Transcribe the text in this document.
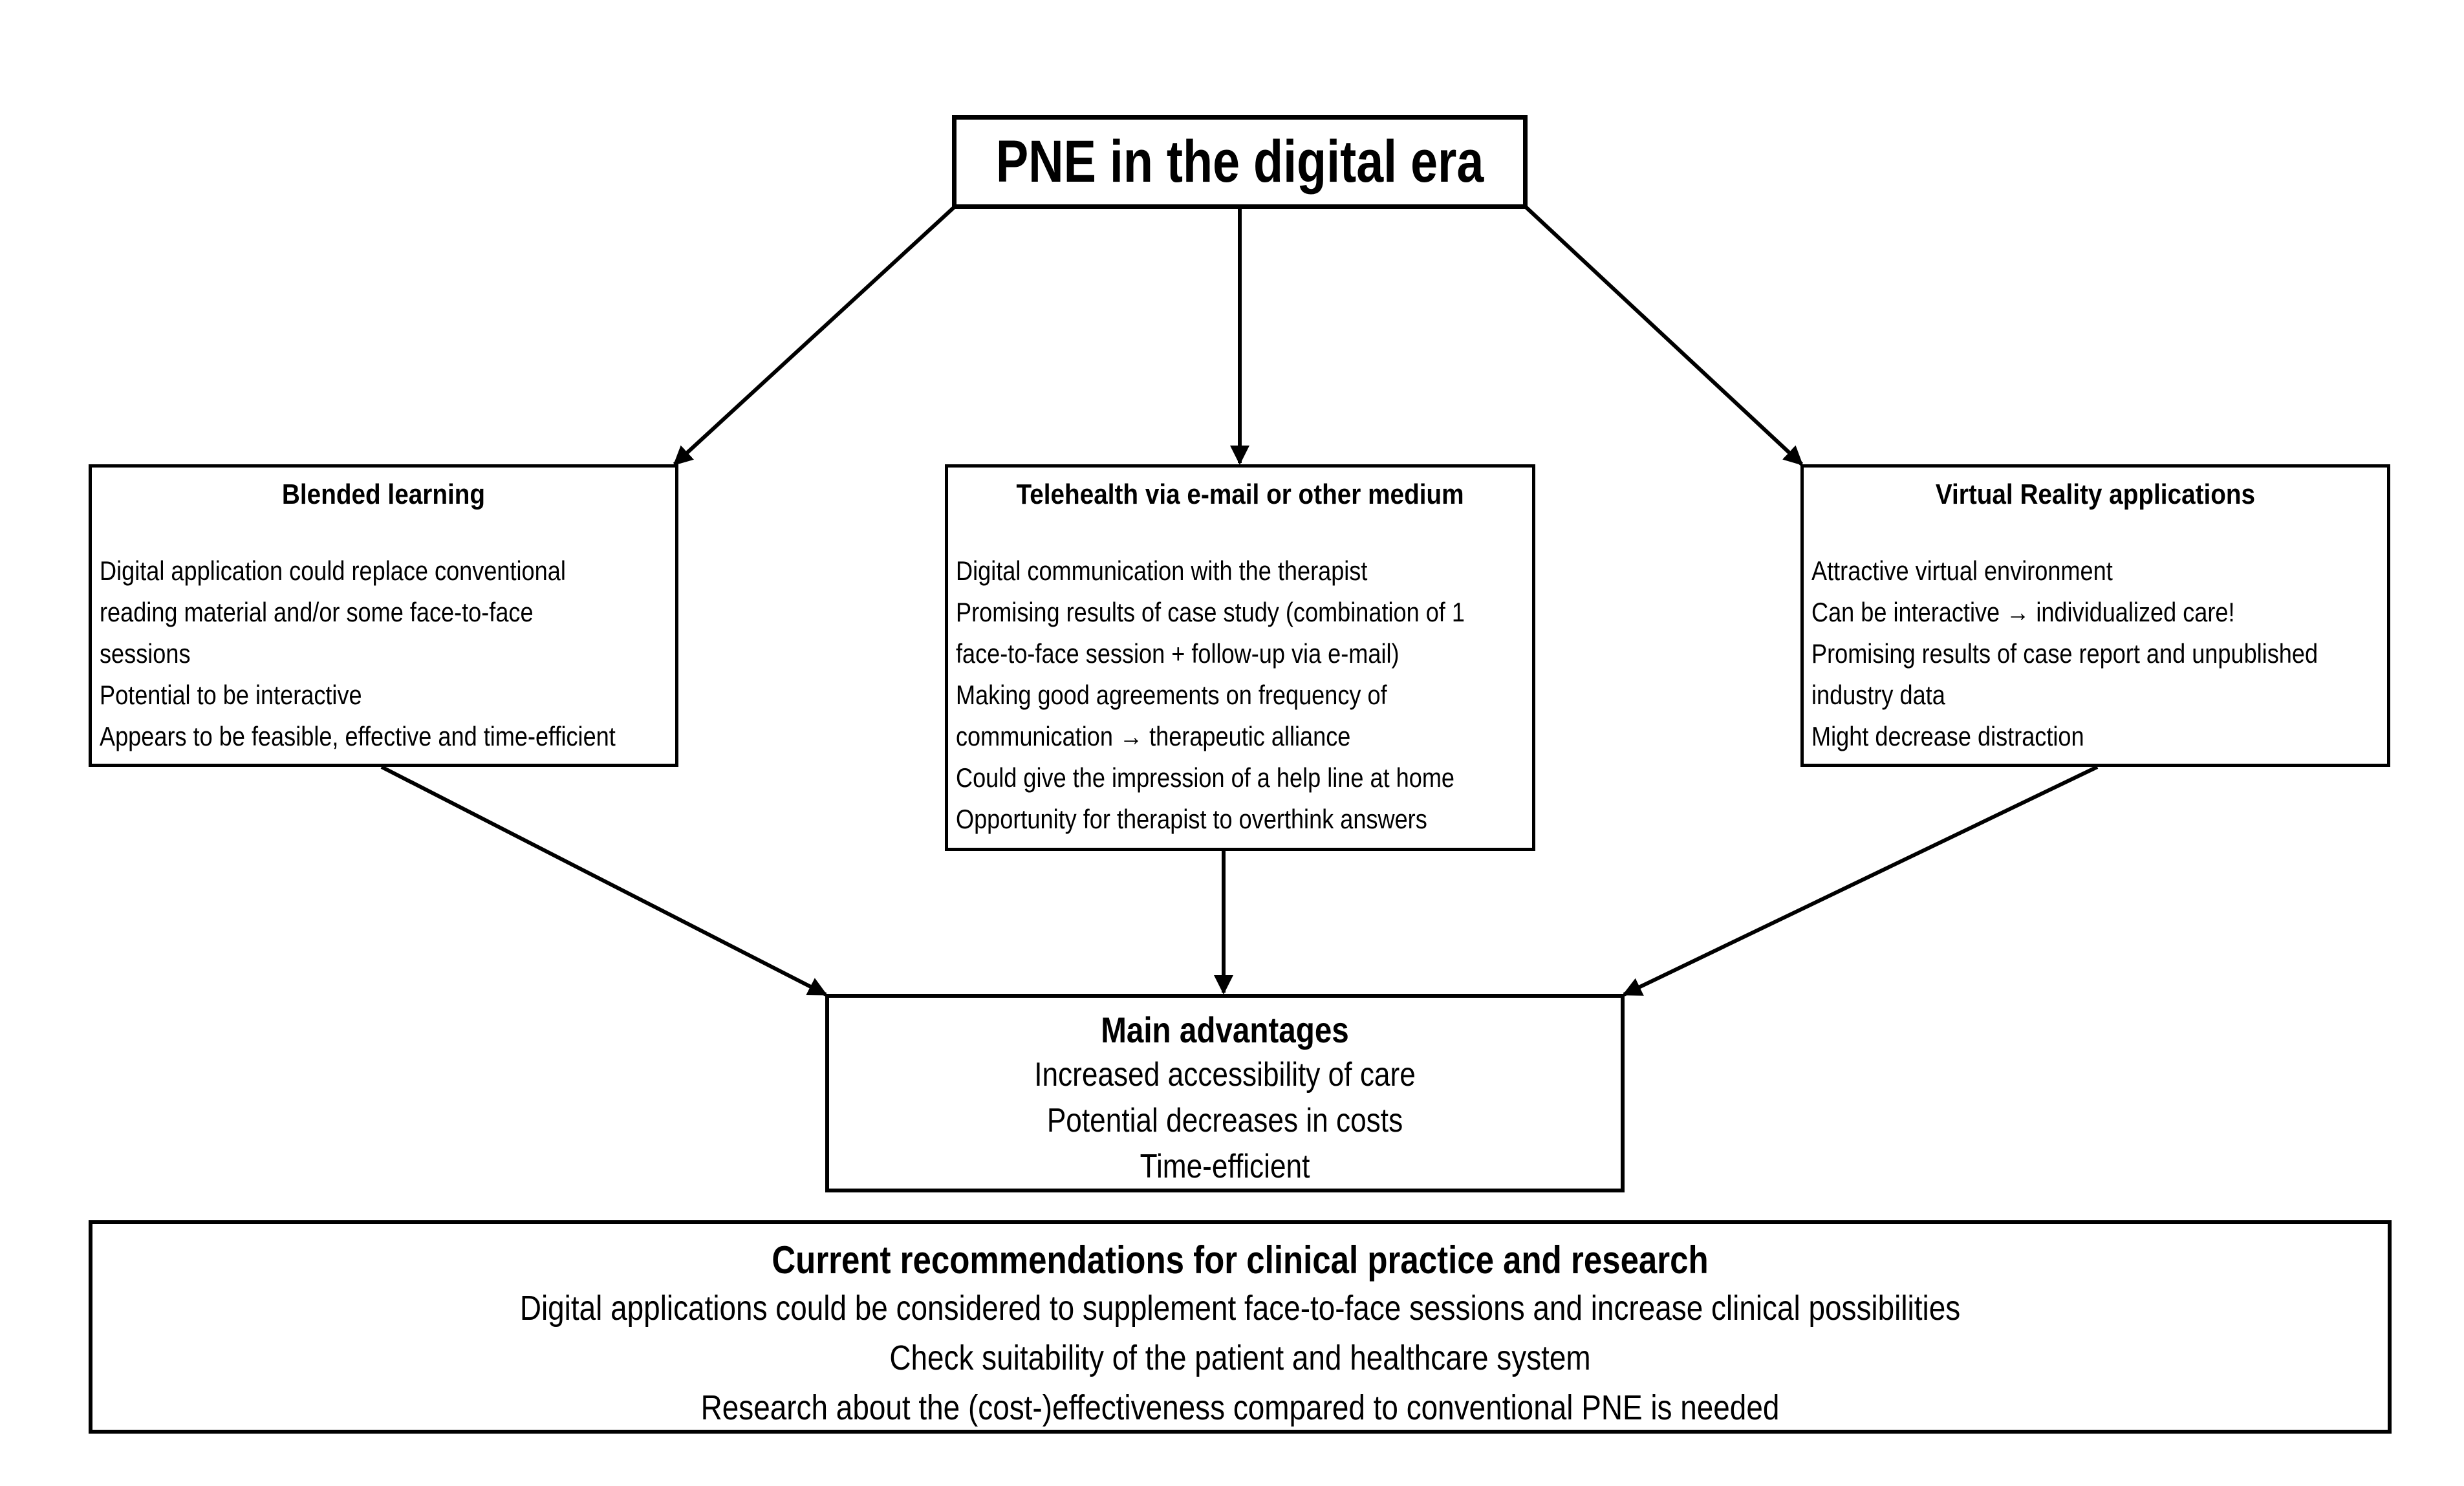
PNE in the digital era
Blended learning
Digital application could replace conventional
reading material and/or some face-to-face
sessions
Potential to be interactive
Appears to be feasible, effective and time-efficient
Telehealth via e-mail or other medium
Digital communication with the therapist
Promising results of case study (combination of 1
face-to-face session + follow-up via e-mail)
Making good agreements on frequency of
communication → therapeutic alliance
Could give the impression of a help line at home
Opportunity for therapist to overthink answers
Virtual Reality applications
Attractive virtual environment
Can be interactive → individualized care!
Promising results of case report and unpublished
industry data
Might decrease distraction
Main advantages
Increased accessibility of care
Potential decreases in costs
Time-efficient
Current recommendations for clinical practice and research
Digital applications could be considered to supplement face-to-face sessions and increase clinical possibilities
Check suitability of the patient and healthcare system
Research about the (cost-)effectiveness compared to conventional PNE is needed
